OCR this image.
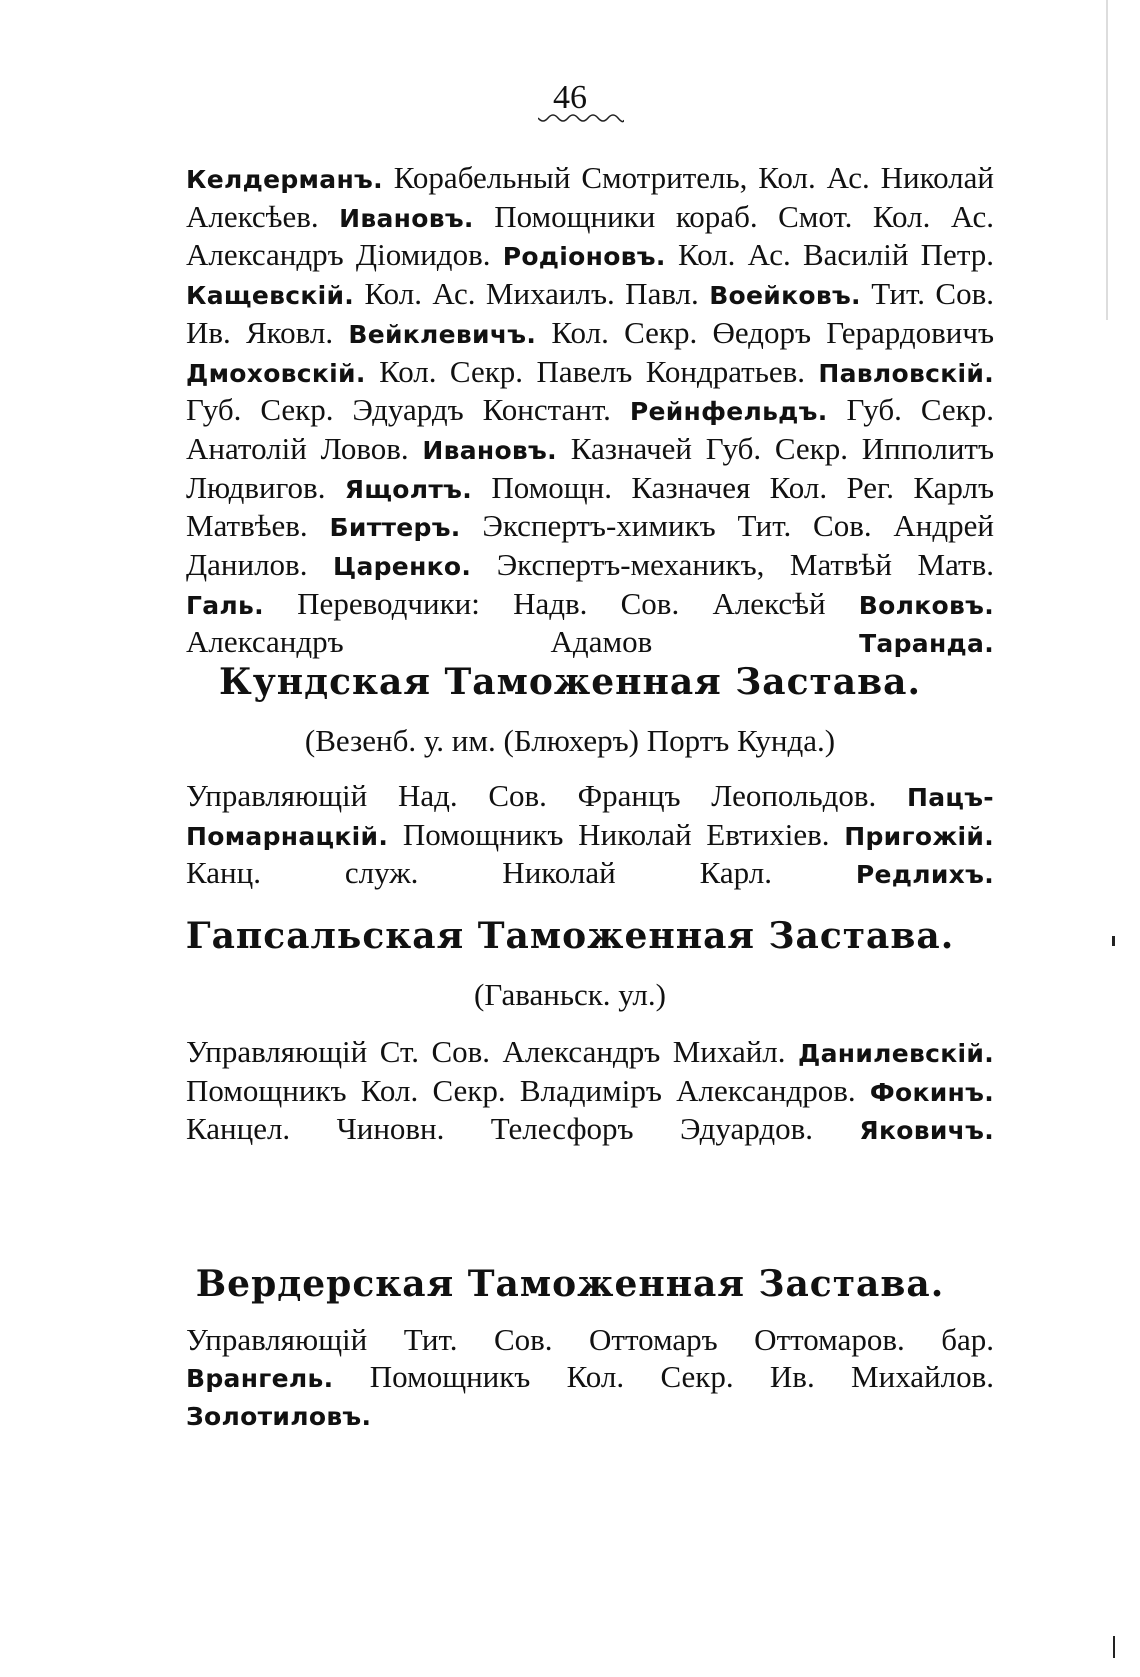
46
Келдерманъ. Корабельный Смотритель, Кол. Ас. Николай Алексѣев. Ивановъ. Помощники кораб. Смот. Кол. Ас. Александръ Діомидов. Родіоновъ. Кол. Ас. Василій Петр. Кащевскій. Кол. Ас. Михаилъ. Павл. Воейковъ. Тит. Сов. Ив. Яковл. Вейклевичъ. Кол. Секр. Өедоръ Герардовичъ Дмоховскій. Кол. Секр. Павелъ Кондратьев. Павловскій. Губ. Секр. Эдуардъ Констант. Рейнфельдъ. Губ. Секр. Анатолій Ловов. Ивановъ. Казначей Губ. Секр. Ипполитъ Людвигов. Ящолтъ. Помощн. Казначея Кол. Рег. Карлъ Матвѣев. Биттеръ. Экспертъ-химикъ Тит. Сов. Андрей Данилов. Царенко. Экспертъ-механикъ, Матвѣй Матв. Галь. Переводчики: Надв. Сов. Алексѣй Волковъ. Александръ Адамов Таранда.
Кундская Таможенная Застава.
(Везенб. у. им. (Блюхеръ) Портъ Кунда.)
Управляющій Над. Сов. Францъ Леопольдов. Пацъ-Помарнацкій. Помощникъ Николай Евтихіев. Пригожій. Канц. служ. Николай Карл. Редлихъ.
Гапсальская Таможенная Застава.
(Гаваньск. ул.)
Управляющій Ст. Сов. Александръ Михайл. Данилевскій. Помощникъ Кол. Секр. Владиміръ Александров. Фокинъ. Канцел. Чиновн. Телесфоръ Эдуардов. Яковичъ.
Вердерская Таможенная Застава.
Управляющій Тит. Сов. Оттомаръ Оттомаров. бар. Врангель. Помощникъ Кол. Секр. Ив. Михайлов. Золотиловъ.
